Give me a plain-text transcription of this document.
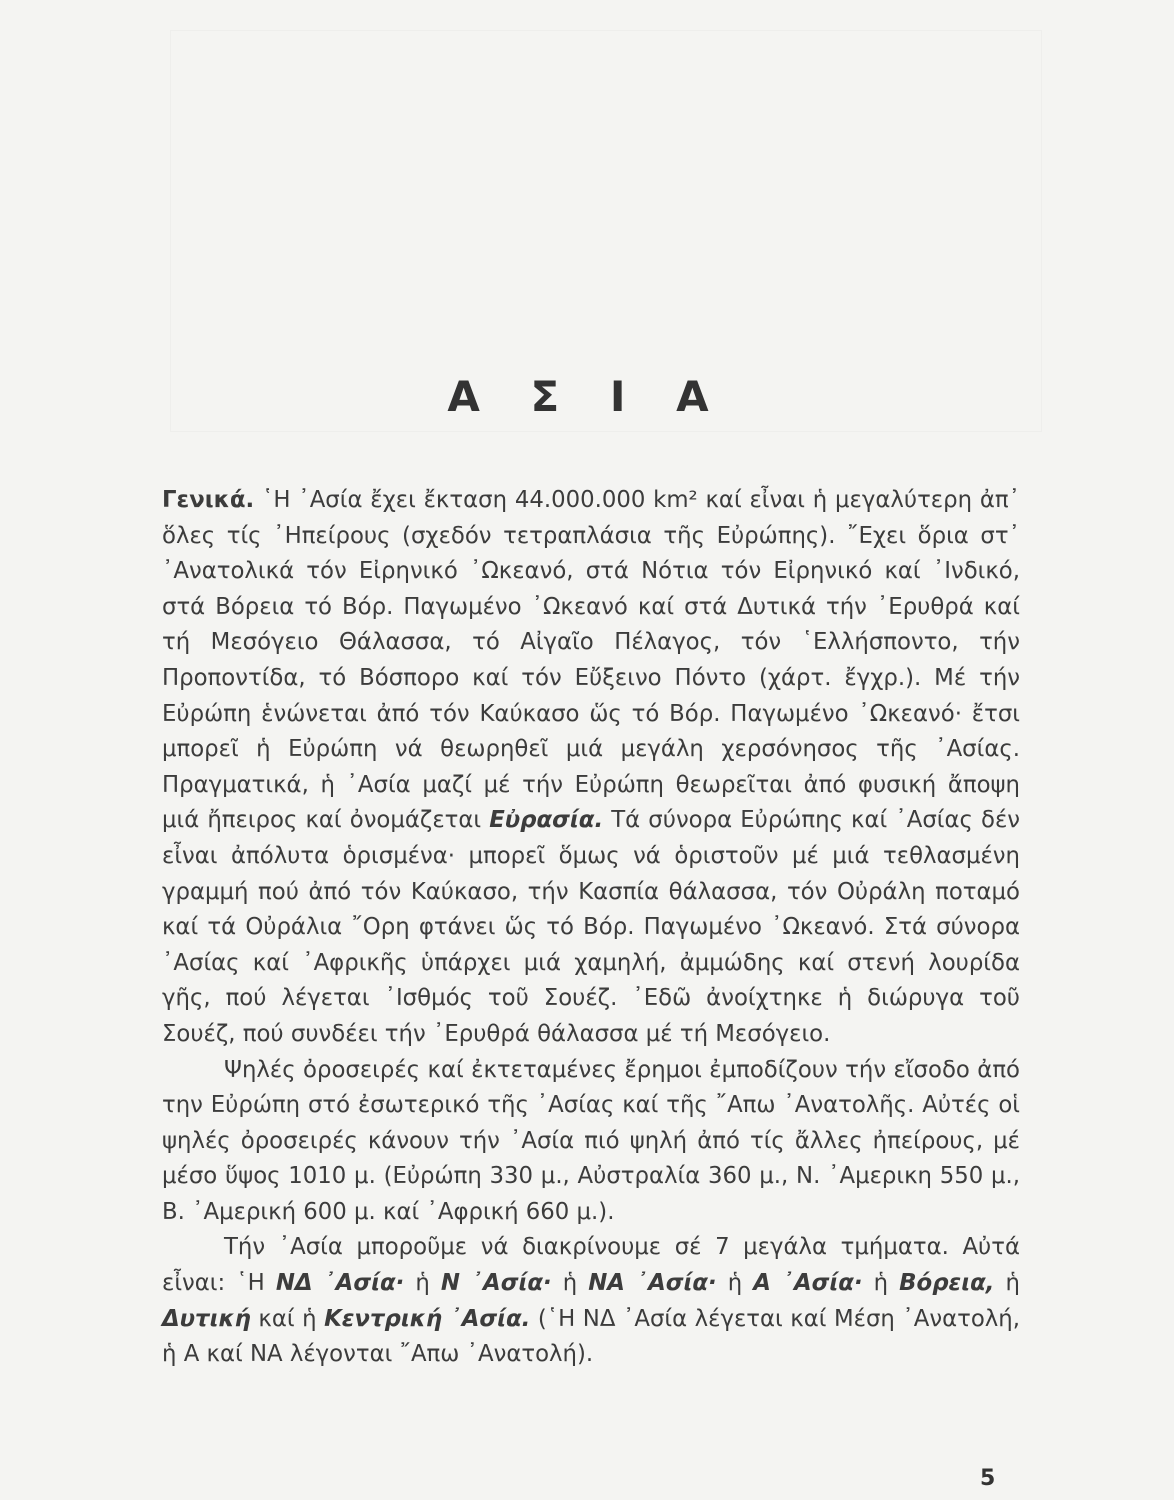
Α Σ Ι Α

Γενικά. ῾Η ᾿Ασία ἔχει ἔκταση 44.000.000 km² καί εἶναι ἡ μεγαλύτερη ἀπ᾿ ὅλες τίς ᾿Ηπείρους (σχεδόν τετραπλάσια τῆς Εὐρώπης). ῎Εχει ὅρια στ᾿ ᾿Ανατολικά τόν Εἰρηνικό ᾿Ωκεανό, στά Νότια τόν Εἰρηνικό καί ᾿Ινδικό, στά Βόρεια τό Βόρ. Παγωμένο ᾿Ωκεανό καί στά Δυτικά τήν ᾿Ερυθρά καί τή Μεσόγειο Θάλασσα, τό Αἰγαῖο Πέλαγος, τόν ῾Ελλήσποντο, τήν Προποντίδα, τό Βόσπορο καί τόν Εὔξεινο Πόντο (χάρτ. ἔγχρ.). Μέ τήν Εὐρώπη ἑνώνεται ἀπό τόν Καύκασο ὥς τό Βόρ. Παγωμένο ᾿Ωκεανό· ἔτσι μπορεῖ ἡ Εὐρώπη νά θεωρηθεῖ μιά μεγάλη χερσόνησος τῆς ᾿Ασίας. Πραγματικά, ἡ ᾿Ασία μαζί μέ τήν Εὐρώπη θεωρεῖται ἀπό φυσική ἄποψη μιά ἤπειρος καί ὀνομάζεται Εὐρασία. Τά σύνορα Εὐρώπης καί ᾿Ασίας δέν εἶναι ἀπόλυτα ὁρισμένα· μπορεῖ ὅμως νά ὁριστοῦν μέ μιά τεθλασμένη γραμμή πού ἀπό τόν Καύκασο, τήν Κασπία θάλασσα, τόν Οὐράλη ποταμό καί τά Οὐράλια ῎Ορη φτάνει ὥς τό Βόρ. Παγωμένο ᾿Ωκεανό. Στά σύνορα ᾿Ασίας καί ᾿Αφρικῆς ὑπάρχει μιά χαμηλή, ἀμμώδης καί στενή λουρίδα γῆς, πού λέγεται ᾿Ισθμός τοῦ Σουέζ. ᾿Εδῶ ἀνοίχτηκε ἡ διώρυγα τοῦ Σουέζ, πού συνδέει τήν ᾿Ερυθρά θάλασσα μέ τή Μεσόγειο.

Ψηλές ὀροσειρές καί ἐκτεταμένες ἔρημοι ἐμποδίζουν τήν εἴσοδο ἀπό την Εὐρώπη στό ἐσωτερικό τῆς ᾿Ασίας καί τῆς ῎Απω ᾿Ανατολῆς. Αὐτές οἱ ψηλές ὀροσειρές κάνουν τήν ᾿Ασία πιό ψηλή ἀπό τίς ἄλλες ἠπείρους, μέ μέσο ὕψος 1010 μ. (Εὐρώπη 330 μ., Αὐστραλία 360 μ., Ν. ᾿Αμερικη 550 μ., Β. ᾿Αμερική 600 μ. καί ᾿Αφρική 660 μ.).

Τήν ᾿Ασία μποροῦμε νά διακρίνουμε σέ 7 μεγάλα τμήματα. Αὐτά εἶναι: ῾Η ΝΔ ᾿Ασία· ἡ Ν ᾿Ασία· ἡ ΝΑ ᾿Ασία· ἡ Α ᾿Ασία· ἡ Βόρεια, ἡ Δυτική καί ἡ Κεντρική ᾿Ασία. (῾Η ΝΔ ᾿Ασία λέγεται καί Μέση ᾿Ανατολή, ἡ Α καί ΝΑ λέγονται ῎Απω ᾿Ανατολή).

5
